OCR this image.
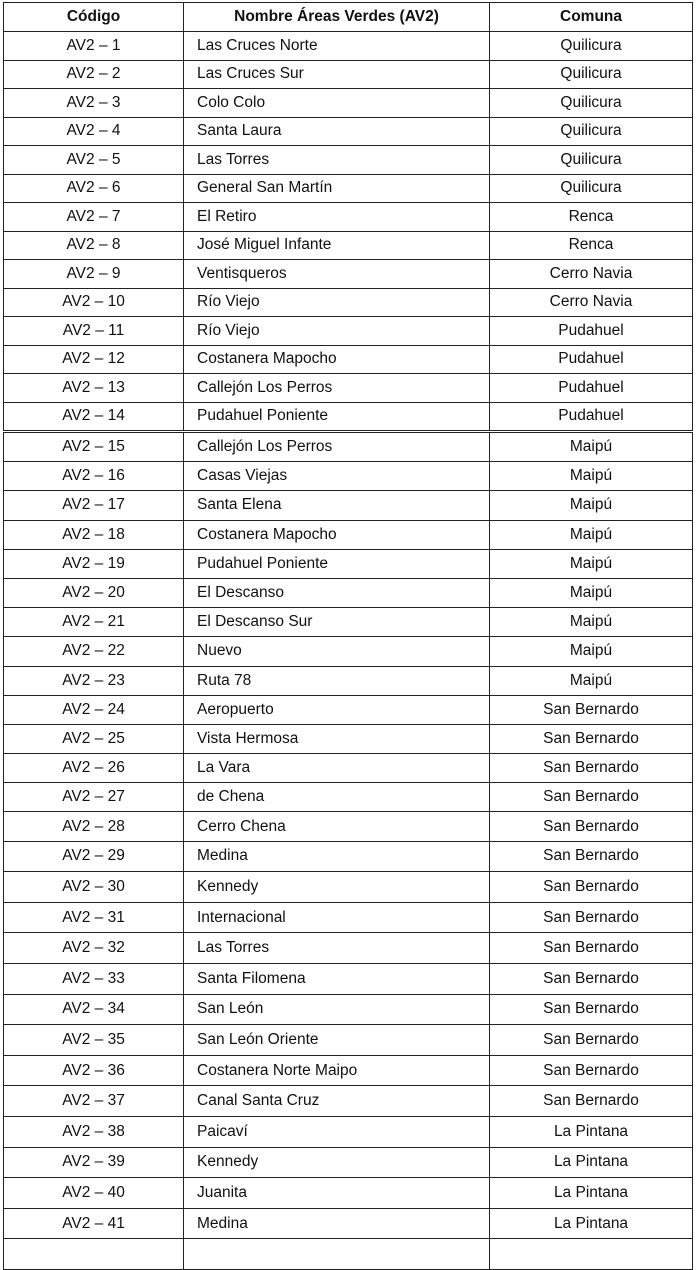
Código	Nombre Áreas Verdes (AV2)	Comuna
AV2 – 1	Las Cruces Norte	Quilicura
AV2 – 2	Las Cruces Sur	Quilicura
AV2 – 3	Colo Colo	Quilicura
AV2 – 4	Santa Laura	Quilicura
AV2 – 5	Las Torres	Quilicura
AV2 – 6	General San Martín	Quilicura
AV2 – 7	El Retiro	Renca
AV2 – 8	José Miguel Infante	Renca
AV2 – 9	Ventisqueros	Cerro Navia
AV2 – 10	Río Viejo	Cerro Navia
AV2 – 11	Río Viejo	Pudahuel
AV2 – 12	Costanera Mapocho	Pudahuel
AV2 – 13	Callejón Los Perros	Pudahuel
AV2 – 14	Pudahuel Poniente	Pudahuel
AV2 – 15	Callejón Los Perros	Maipú
AV2 – 16	Casas Viejas	Maipú
AV2 – 17	Santa Elena	Maipú
AV2 – 18	Costanera Mapocho	Maipú
AV2 – 19	Pudahuel Poniente	Maipú
AV2 – 20	El Descanso	Maipú
AV2 – 21	El Descanso Sur	Maipú
AV2 – 22	Nuevo	Maipú
AV2 – 23	Ruta 78	Maipú
AV2 – 24	Aeropuerto	San Bernardo
AV2 – 25	Vista Hermosa	San Bernardo
AV2 – 26	La Vara	San Bernardo
AV2 – 27	de Chena	San Bernardo
AV2 – 28	Cerro Chena	San Bernardo
AV2 – 29	Medina	San Bernardo
AV2 – 30	Kennedy	San Bernardo
AV2 – 31	Internacional	San Bernardo
AV2 – 32	Las Torres	San Bernardo
AV2 – 33	Santa Filomena	San Bernardo
AV2 – 34	San León	San Bernardo
AV2 – 35	San León Oriente	San Bernardo
AV2 – 36	Costanera Norte Maipo	San Bernardo
AV2 – 37	Canal Santa Cruz	San Bernardo
AV2 – 38	Paicaví	La Pintana
AV2 – 39	Kennedy	La Pintana
AV2 – 40	Juanita	La Pintana
AV2 – 41	Medina	La Pintana
